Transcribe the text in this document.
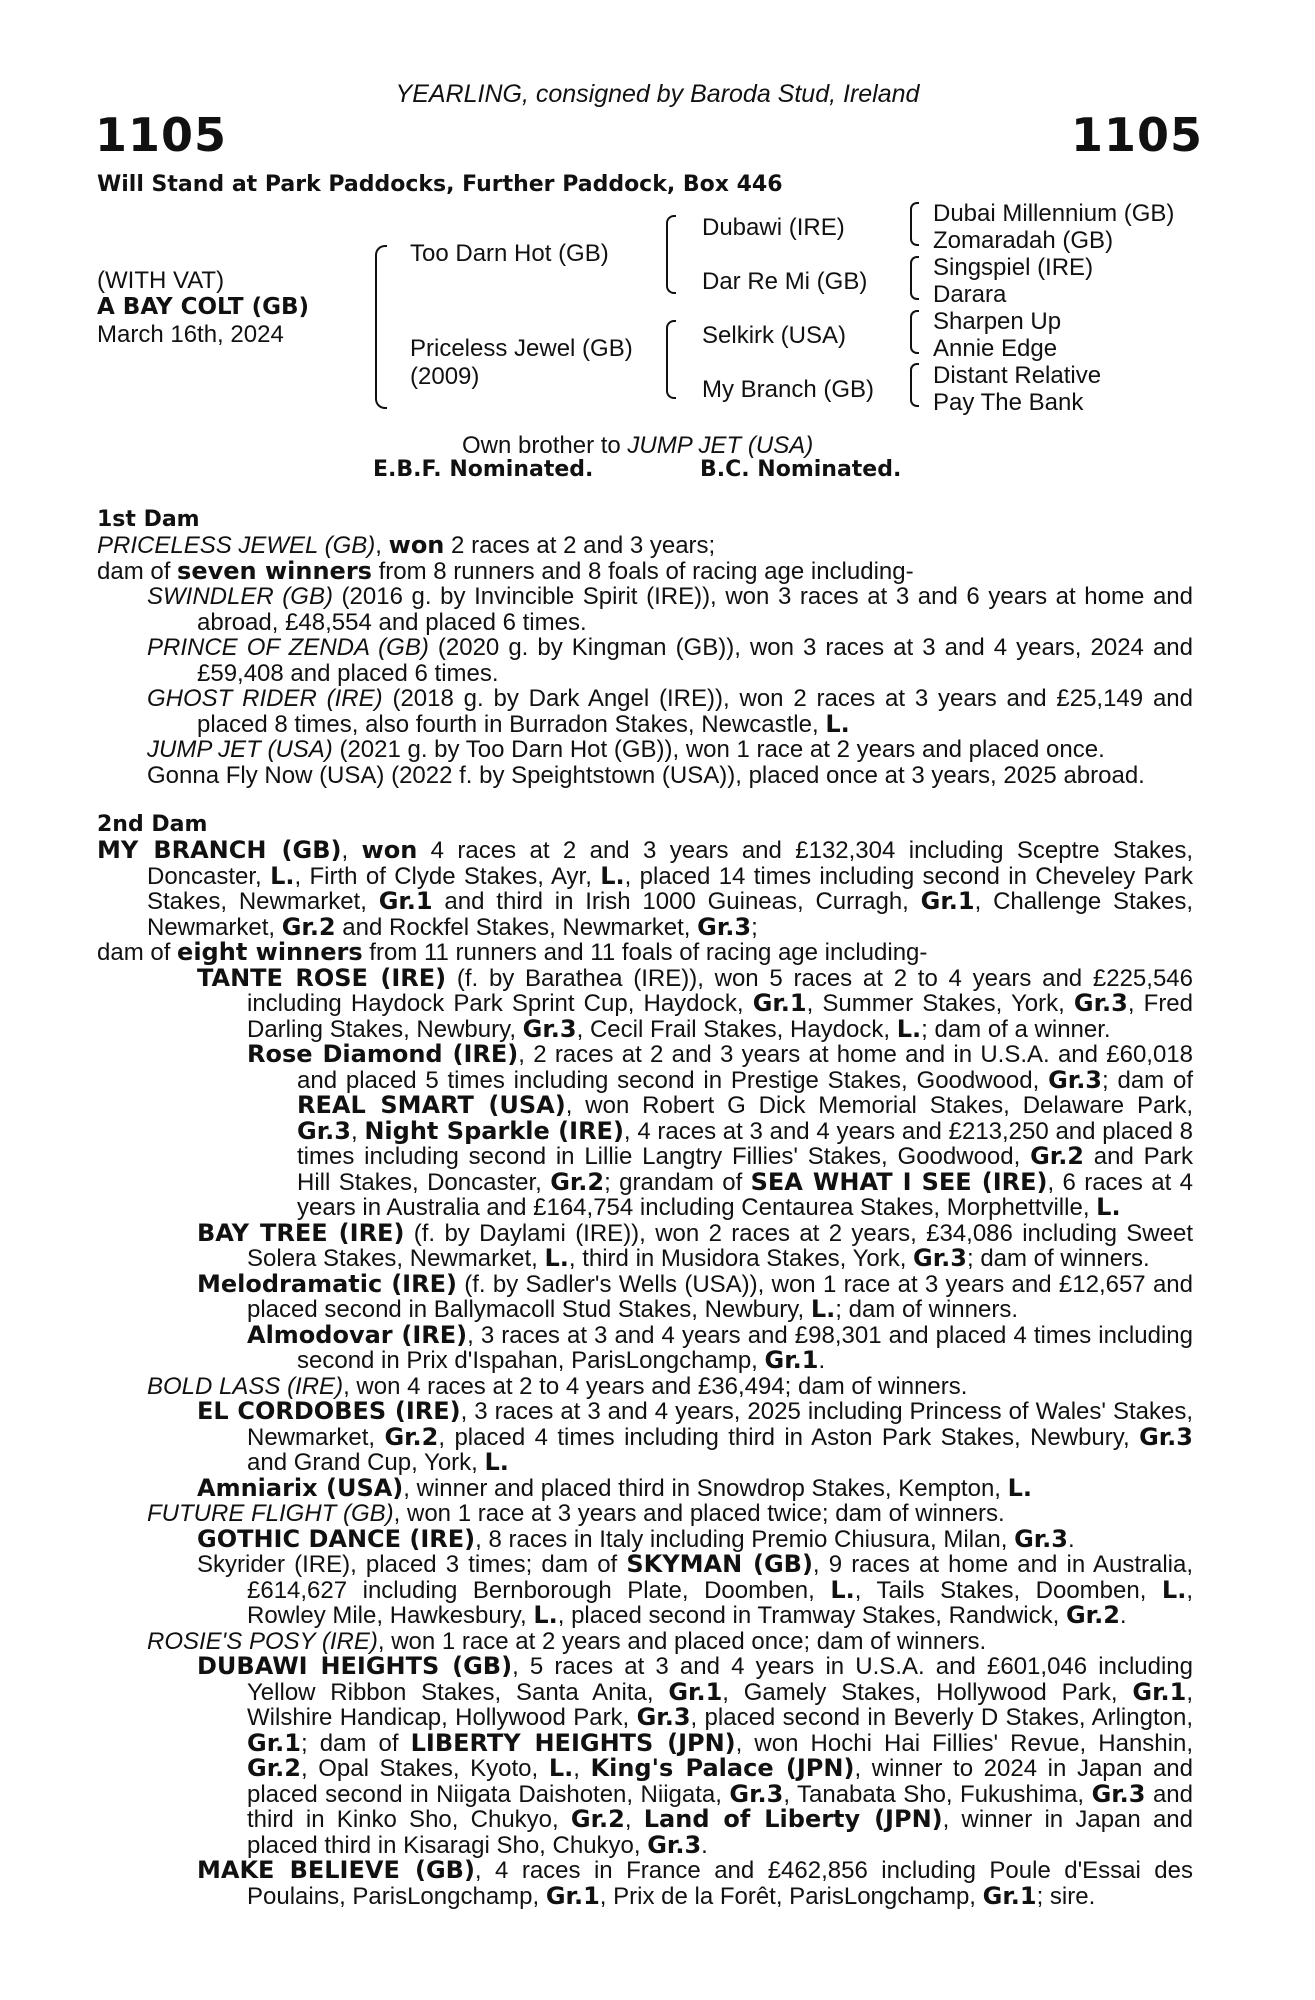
YEARLING, consigned by Baroda Stud, Ireland
1105	1105
Will Stand at Park Paddocks, Further Paddock, Box 446
(WITH VAT)
A BAY COLT (GB)
March 16th, 2024
Too Darn Hot (GB)
Priceless Jewel (GB)
(2009)
Dubawi (IRE)
Dar Re Mi (GB)
Selkirk (USA)
My Branch (GB)
Dubai Millennium (GB)
Zomaradah (GB)
Singspiel (IRE)
Darara
Sharpen Up
Annie Edge
Distant Relative
Pay The Bank
Own brother to JUMP JET (USA)
E.B.F. Nominated.	B.C. Nominated.
1st Dam
PRICELESS JEWEL (GB), won 2 races at 2 and 3 years;
dam of seven winners from 8 runners and 8 foals of racing age including-
SWINDLER (GB) (2016 g. by Invincible Spirit (IRE)), won 3 races at 3 and 6 years at home and abroad, £48,554 and placed 6 times.
PRINCE OF ZENDA (GB) (2020 g. by Kingman (GB)), won 3 races at 3 and 4 years, 2024 and £59,408 and placed 6 times.
GHOST RIDER (IRE) (2018 g. by Dark Angel (IRE)), won 2 races at 3 years and £25,149 and placed 8 times, also fourth in Burradon Stakes, Newcastle, L.
JUMP JET (USA) (2021 g. by Too Darn Hot (GB)), won 1 race at 2 years and placed once.
Gonna Fly Now (USA) (2022 f. by Speightstown (USA)), placed once at 3 years, 2025 abroad.
2nd Dam
MY BRANCH (GB), won 4 races at 2 and 3 years and £132,304 including Sceptre Stakes, Doncaster, L., Firth of Clyde Stakes, Ayr, L., placed 14 times including second in Cheveley Park Stakes, Newmarket, Gr.1 and third in Irish 1000 Guineas, Curragh, Gr.1, Challenge Stakes, Newmarket, Gr.2 and Rockfel Stakes, Newmarket, Gr.3;
dam of eight winners from 11 runners and 11 foals of racing age including-
TANTE ROSE (IRE) (f. by Barathea (IRE)), won 5 races at 2 to 4 years and £225,546 including Haydock Park Sprint Cup, Haydock, Gr.1, Summer Stakes, York, Gr.3, Fred Darling Stakes, Newbury, Gr.3, Cecil Frail Stakes, Haydock, L.; dam of a winner.
Rose Diamond (IRE), 2 races at 2 and 3 years at home and in U.S.A. and £60,018 and placed 5 times including second in Prestige Stakes, Goodwood, Gr.3; dam of REAL SMART (USA), won Robert G Dick Memorial Stakes, Delaware Park, Gr.3, Night Sparkle (IRE), 4 races at 3 and 4 years and £213,250 and placed 8 times including second in Lillie Langtry Fillies' Stakes, Goodwood, Gr.2 and Park Hill Stakes, Doncaster, Gr.2; grandam of SEA WHAT I SEE (IRE), 6 races at 4 years in Australia and £164,754 including Centaurea Stakes, Morphettville, L.
BAY TREE (IRE) (f. by Daylami (IRE)), won 2 races at 2 years, £34,086 including Sweet Solera Stakes, Newmarket, L., third in Musidora Stakes, York, Gr.3; dam of winners.
Melodramatic (IRE) (f. by Sadler's Wells (USA)), won 1 race at 3 years and £12,657 and placed second in Ballymacoll Stud Stakes, Newbury, L.; dam of winners.
Almodovar (IRE), 3 races at 3 and 4 years and £98,301 and placed 4 times including second in Prix d'Ispahan, ParisLongchamp, Gr.1.
BOLD LASS (IRE), won 4 races at 2 to 4 years and £36,494; dam of winners.
EL CORDOBES (IRE), 3 races at 3 and 4 years, 2025 including Princess of Wales' Stakes, Newmarket, Gr.2, placed 4 times including third in Aston Park Stakes, Newbury, Gr.3 and Grand Cup, York, L.
Amniarix (USA), winner and placed third in Snowdrop Stakes, Kempton, L.
FUTURE FLIGHT (GB), won 1 race at 3 years and placed twice; dam of winners.
GOTHIC DANCE (IRE), 8 races in Italy including Premio Chiusura, Milan, Gr.3.
Skyrider (IRE), placed 3 times; dam of SKYMAN (GB), 9 races at home and in Australia, £614,627 including Bernborough Plate, Doomben, L., Tails Stakes, Doomben, L., Rowley Mile, Hawkesbury, L., placed second in Tramway Stakes, Randwick, Gr.2.
ROSIE'S POSY (IRE), won 1 race at 2 years and placed once; dam of winners.
DUBAWI HEIGHTS (GB), 5 races at 3 and 4 years in U.S.A. and £601,046 including Yellow Ribbon Stakes, Santa Anita, Gr.1, Gamely Stakes, Hollywood Park, Gr.1, Wilshire Handicap, Hollywood Park, Gr.3, placed second in Beverly D Stakes, Arlington, Gr.1; dam of LIBERTY HEIGHTS (JPN), won Hochi Hai Fillies' Revue, Hanshin, Gr.2, Opal Stakes, Kyoto, L., King's Palace (JPN), winner to 2024 in Japan and placed second in Niigata Daishoten, Niigata, Gr.3, Tanabata Sho, Fukushima, Gr.3 and third in Kinko Sho, Chukyo, Gr.2, Land of Liberty (JPN), winner in Japan and placed third in Kisaragi Sho, Chukyo, Gr.3.
MAKE BELIEVE (GB), 4 races in France and £462,856 including Poule d'Essai des Poulains, ParisLongchamp, Gr.1, Prix de la Forêt, ParisLongchamp, Gr.1; sire.
